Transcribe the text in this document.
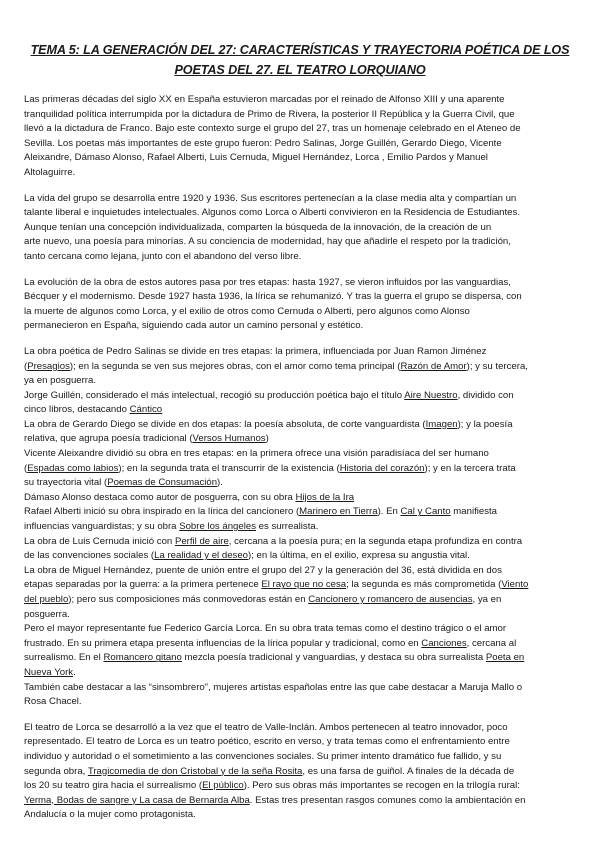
TEMA 5: LA GENERACIÓN DEL 27: CARACTERÍSTICAS Y TRAYECTORIA POÉTICA DE LOS
POETAS DEL 27. EL TEATRO LORQUIANO
Las primeras décadas del siglo XX en España estuvieron marcadas por el reinado de Alfonso XIII y una aparente
tranquilidad política interrumpida por la dictadura de Primo de Rivera, la posterior II República y la Guerra Civil, que
llevó a la dictadura de Franco. Bajo este contexto surge el grupo del 27, tras un homenaje celebrado en el Ateneo de
Sevilla. Los poetas más importantes de este grupo fueron: Pedro Salinas, Jorge Guillén, Gerardo Diego, Vicente
Aleixandre, Dámaso Alonso, Rafael Alberti, Luis Cernuda, Miguel Hernández, Lorca , Emilio Pardos y Manuel
Altolaguirre.
La vida del grupo se desarrolla entre 1920 y 1936. Sus escritores pertenecían a la clase media alta y compartían un
talante liberal e inquietudes intelectuales. Algunos como Lorca o Alberti convivieron en la Residencia de Estudiantes.
Aunque tenían una concepción individualizada, comparten la búsqueda de la innovación, de la creación de un
arte nuevo, una poesía para minorías. A su conciencia de modernidad, hay que añadirle el respeto por la tradición,
tanto cercana como lejana, junto con el abandono del verso libre.
La evolución de la obra de estos autores pasa por tres etapas: hasta 1927, se vieron influidos por las vanguardias,
Bécquer y el modernismo. Desde 1927 hasta 1936, la lírica se rehumanizó. Y tras la guerra el grupo se dispersa, con
la muerte de algunos como Lorca, y el exilio de otros como Cernuda o Alberti, pero algunos como Alonso
permanecieron en España, siguiendo cada autor un camino personal y estético.
La obra poética de Pedro Salinas se divide en tres etapas: la primera, influenciada por Juan Ramon Jiménez
(Presagios); en la segunda se ven sus mejores obras, con el amor como tema principal (Razón de Amor); y su tercera,
ya en posguerra.
Jorge Guillén, considerado el más intelectual, recogió su producción poética bajo el título Aire Nuestro, dividido con
cinco libros, destacando Cántico
La obra de Gerardo Diego se divide en dos etapas: la poesía absoluta, de corte vanguardista (Imagen); y la poesía
relativa, que agrupa poesía tradicional (Versos Humanos)
Vicente Aleixandre dividió su obra en tres etapas: en la primera ofrece una visión paradisíaca del ser humano
(Espadas como labios); en la segunda trata el transcurrir de la existencia (Historia del corazón); y en la tercera trata
su trayectoria vital (Poemas de Consumación).
Dámaso Alonso destaca como autor de posguerra, con su obra Hijos de la Ira
Rafael Alberti inició su obra inspirado en la lírica del cancionero (Marinero en Tierra). En Cal y Canto manifiesta
influencias vanguardistas; y su obra Sobre los ángeles es surrealista.
La obra de Luis Cernuda inició con Perfil de aire, cercana a la poesía pura; en la segunda etapa profundiza en contra
de las convenciones sociales (La realidad y el deseo); en la última, en el exilio, expresa su angustia vital.
La obra de Miguel Hernández, puente de unión entre el grupo del 27 y la generación del 36, está dividida en dos
etapas separadas por la guerra: a la primera pertenece El rayo que no cesa; la segunda es más comprometida (Viento
del pueblo); pero sus composiciones más conmovedoras están en Cancionero y romancero de ausencias, ya en
posguerra.
Pero el mayor representante fue Federico García Lorca. En su obra trata temas como el destino trágico o el amor
frustrado. En su primera etapa presenta influencias de la lírica popular y tradicional, como en Canciones, cercana al
surrealismo. En el Romancero gitano mezcla poesía tradicional y vanguardias, y destaca su obra surrealista Poeta en
Nueva York.
También cabe destacar a las “sinsombrero”, mujeres artistas españolas entre las que cabe destacar a Maruja Mallo o
Rosa Chacel.
El teatro de Lorca se desarrolló a la vez que el teatro de Valle-Inclán. Ambos pertenecen al teatro innovador, poco
representado. El teatro de Lorca es un teatro poético, escrito en verso, y trata temas como el enfrentamiento entre
individuo y autoridad o el sometimiento a las convenciones sociales. Su primer intento dramático fue fallido, y su
segunda obra, Tragicomedia de don Cristobal y de la seña Rosita, es una farsa de guiñol. A finales de la década de
los 20 su teatro gira hacia el surrealismo (El público). Pero sus obras más importantes se recogen en la trilogía rural:
Yerma, Bodas de sangre y La casa de Bernarda Alba. Estas tres presentan rasgos comunes como la ambientación en
Andalucía o la mujer como protagonista.
